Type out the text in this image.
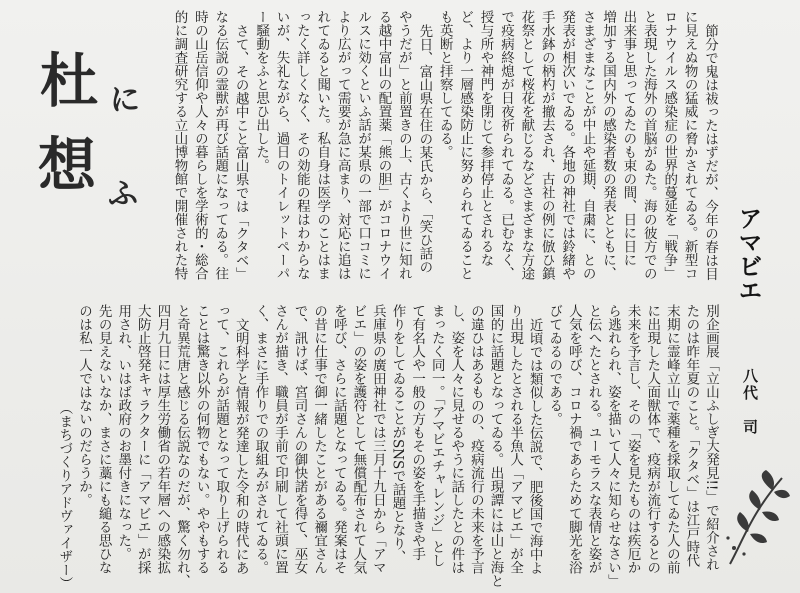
杜 に
想 ふ
アマビエ
八代　司
節分で鬼は祓ったはずだが、今年の春は目
に見えぬ物の猛威に脅かされてゐる。新型コ
ロナウイルス感染症の世界的蔓延を「戦争」
と表現した海外の首脳がゐた。海の彼方での
出来事と思ってゐたのも束の間、日に日に
増加する国内外の感染者数の発表とともに、
さまざまなことが中止や延期、自粛に、との
発表が相次いでゐる。各地の神社では鈴緒や
手水鉢の柄杓が撤去され、古社の例に倣ひ鎮
花祭として桜花を献じるなどさまざまな方途
で疫病終熄が日夜祈られてゐる。已むなく、
授与所や神門を閉じて参拝停止とされるな
ど、より一層感染防止に努められてゐること
も英断と拝察してゐる。
先日、富山県在住の某氏から、「笑ひ話の
やうだが」と前置きの上、古くより世に知れ
る越中富山の配置薬「熊の胆」がコロナウイ
ルスに効くといふ話が某県の一部で口コミに
より広がって需要が急に高まり、対応に追は
れてゐると聞いた。私自身は医学のことはま
ったく詳しくなく、その効能の程はわからな
いが、失礼ながら、過日のトイレットペーパ
ー騒動をふと思ひ出した。
さて、その越中こと富山県では「クタベ」
なる伝説の霊獣が再び話題になってゐる。往
時の山岳信仰や人々の暮らしを学術的・総合
的に調査研究する立山博物館で開催された特
別企画展「立山ふしぎ大発見!!」で紹介され
たのは昨年夏のこと。「クタベ」は江戸時代
末期に霊峰立山で薬種を採取してゐた人の前
に出現した人面獣体で、疫病が流行するとの
未来を予言し、その「姿を見たものは疾厄か
ら逃れられ、姿を描いて人々に知らせなさい」
と伝へたとされる。ユーモラスな表情と姿が
人気を呼び、コロナ禍であらためて脚光を浴
びてゐるのである。
近頃では類似した伝説で、肥後国で海中よ
り出現したとされる半魚人「アマビエ」が全
国的に話題となってゐる。出現譚には山と海と
の違ひはあるものの、疫病流行の未来を予言
し、姿を人々に見せるやうに話したとの件は
まったく同一。「アマビエチャレンジ」とし
て有名人や一般の方もその姿を手描きや手
作りをしてゐることがSNSで話題となり、
兵庫県の廣田神社では三月十九日から「アマ
ビエ」の姿を護符として無償配布されて人気
を呼び、さらに話題となってゐる。発案はそ
の昔に仕事で御一緒したことがある禰宜さん
で、訊けば、宮司さんの御快諾を得て、巫女
さんが描き、職員が手前で印刷して社頭に置
く、まさに手作りでの取組みがされてゐる。
文明科学と情報が発達した令和の時代にあ
って、これらが話題となって取り上げられる
ことは驚き以外の何物でもない。ややもする
と奇異荒唐と感じる伝説なのだが、驚く勿れ、
四月九日には厚生労働省の若年層への感染拡
大防止啓発キャラクターに「アマビエ」が採
用され、いはば政府のお墨付きになった。
先の見えないなか、まさに藁にも縋る思ひな
のは私一人ではないのだらうか。
（まちづくりアドヴァイザー）
